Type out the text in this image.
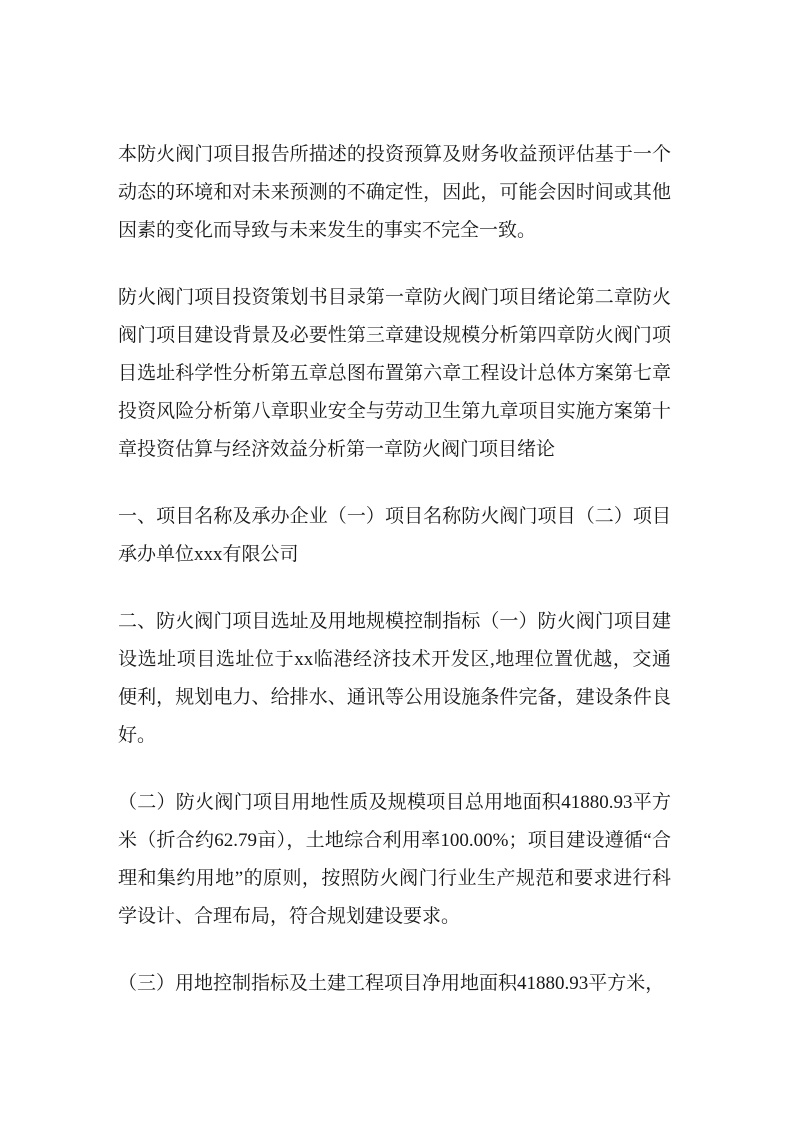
本防火阀门项目报告所描述的投资预算及财务收益预评估基于一个动态的环境和对未来预测的不确定性，因此，可能会因时间或其他因素的变化而导致与未来发生的事实不完全一致。

防火阀门项目投资策划书目录第一章防火阀门项目绪论第二章防火阀门项目建设背景及必要性第三章建设规模分析第四章防火阀门项目选址科学性分析第五章总图布置第六章工程设计总体方案第七章投资风险分析第八章职业安全与劳动卫生第九章项目实施方案第十章投资估算与经济效益分析第一章防火阀门项目绪论

一、项目名称及承办企业（一）项目名称防火阀门项目（二）项目承办单位xxx有限公司

二、防火阀门项目选址及用地规模控制指标（一）防火阀门项目建设选址项目选址位于xx临港经济技术开发区,地理位置优越，交通便利，规划电力、给排水、通讯等公用设施条件完备，建设条件良好。

（二）防火阀门项目用地性质及规模项目总用地面积41880.93平方米（折合约62.79亩），土地综合利用率100.00%；项目建设遵循“合理和集约用地”的原则，按照防火阀门行业生产规范和要求进行科学设计、合理布局，符合规划建设要求。

（三）用地控制指标及土建工程项目净用地面积41880.93平方米，
